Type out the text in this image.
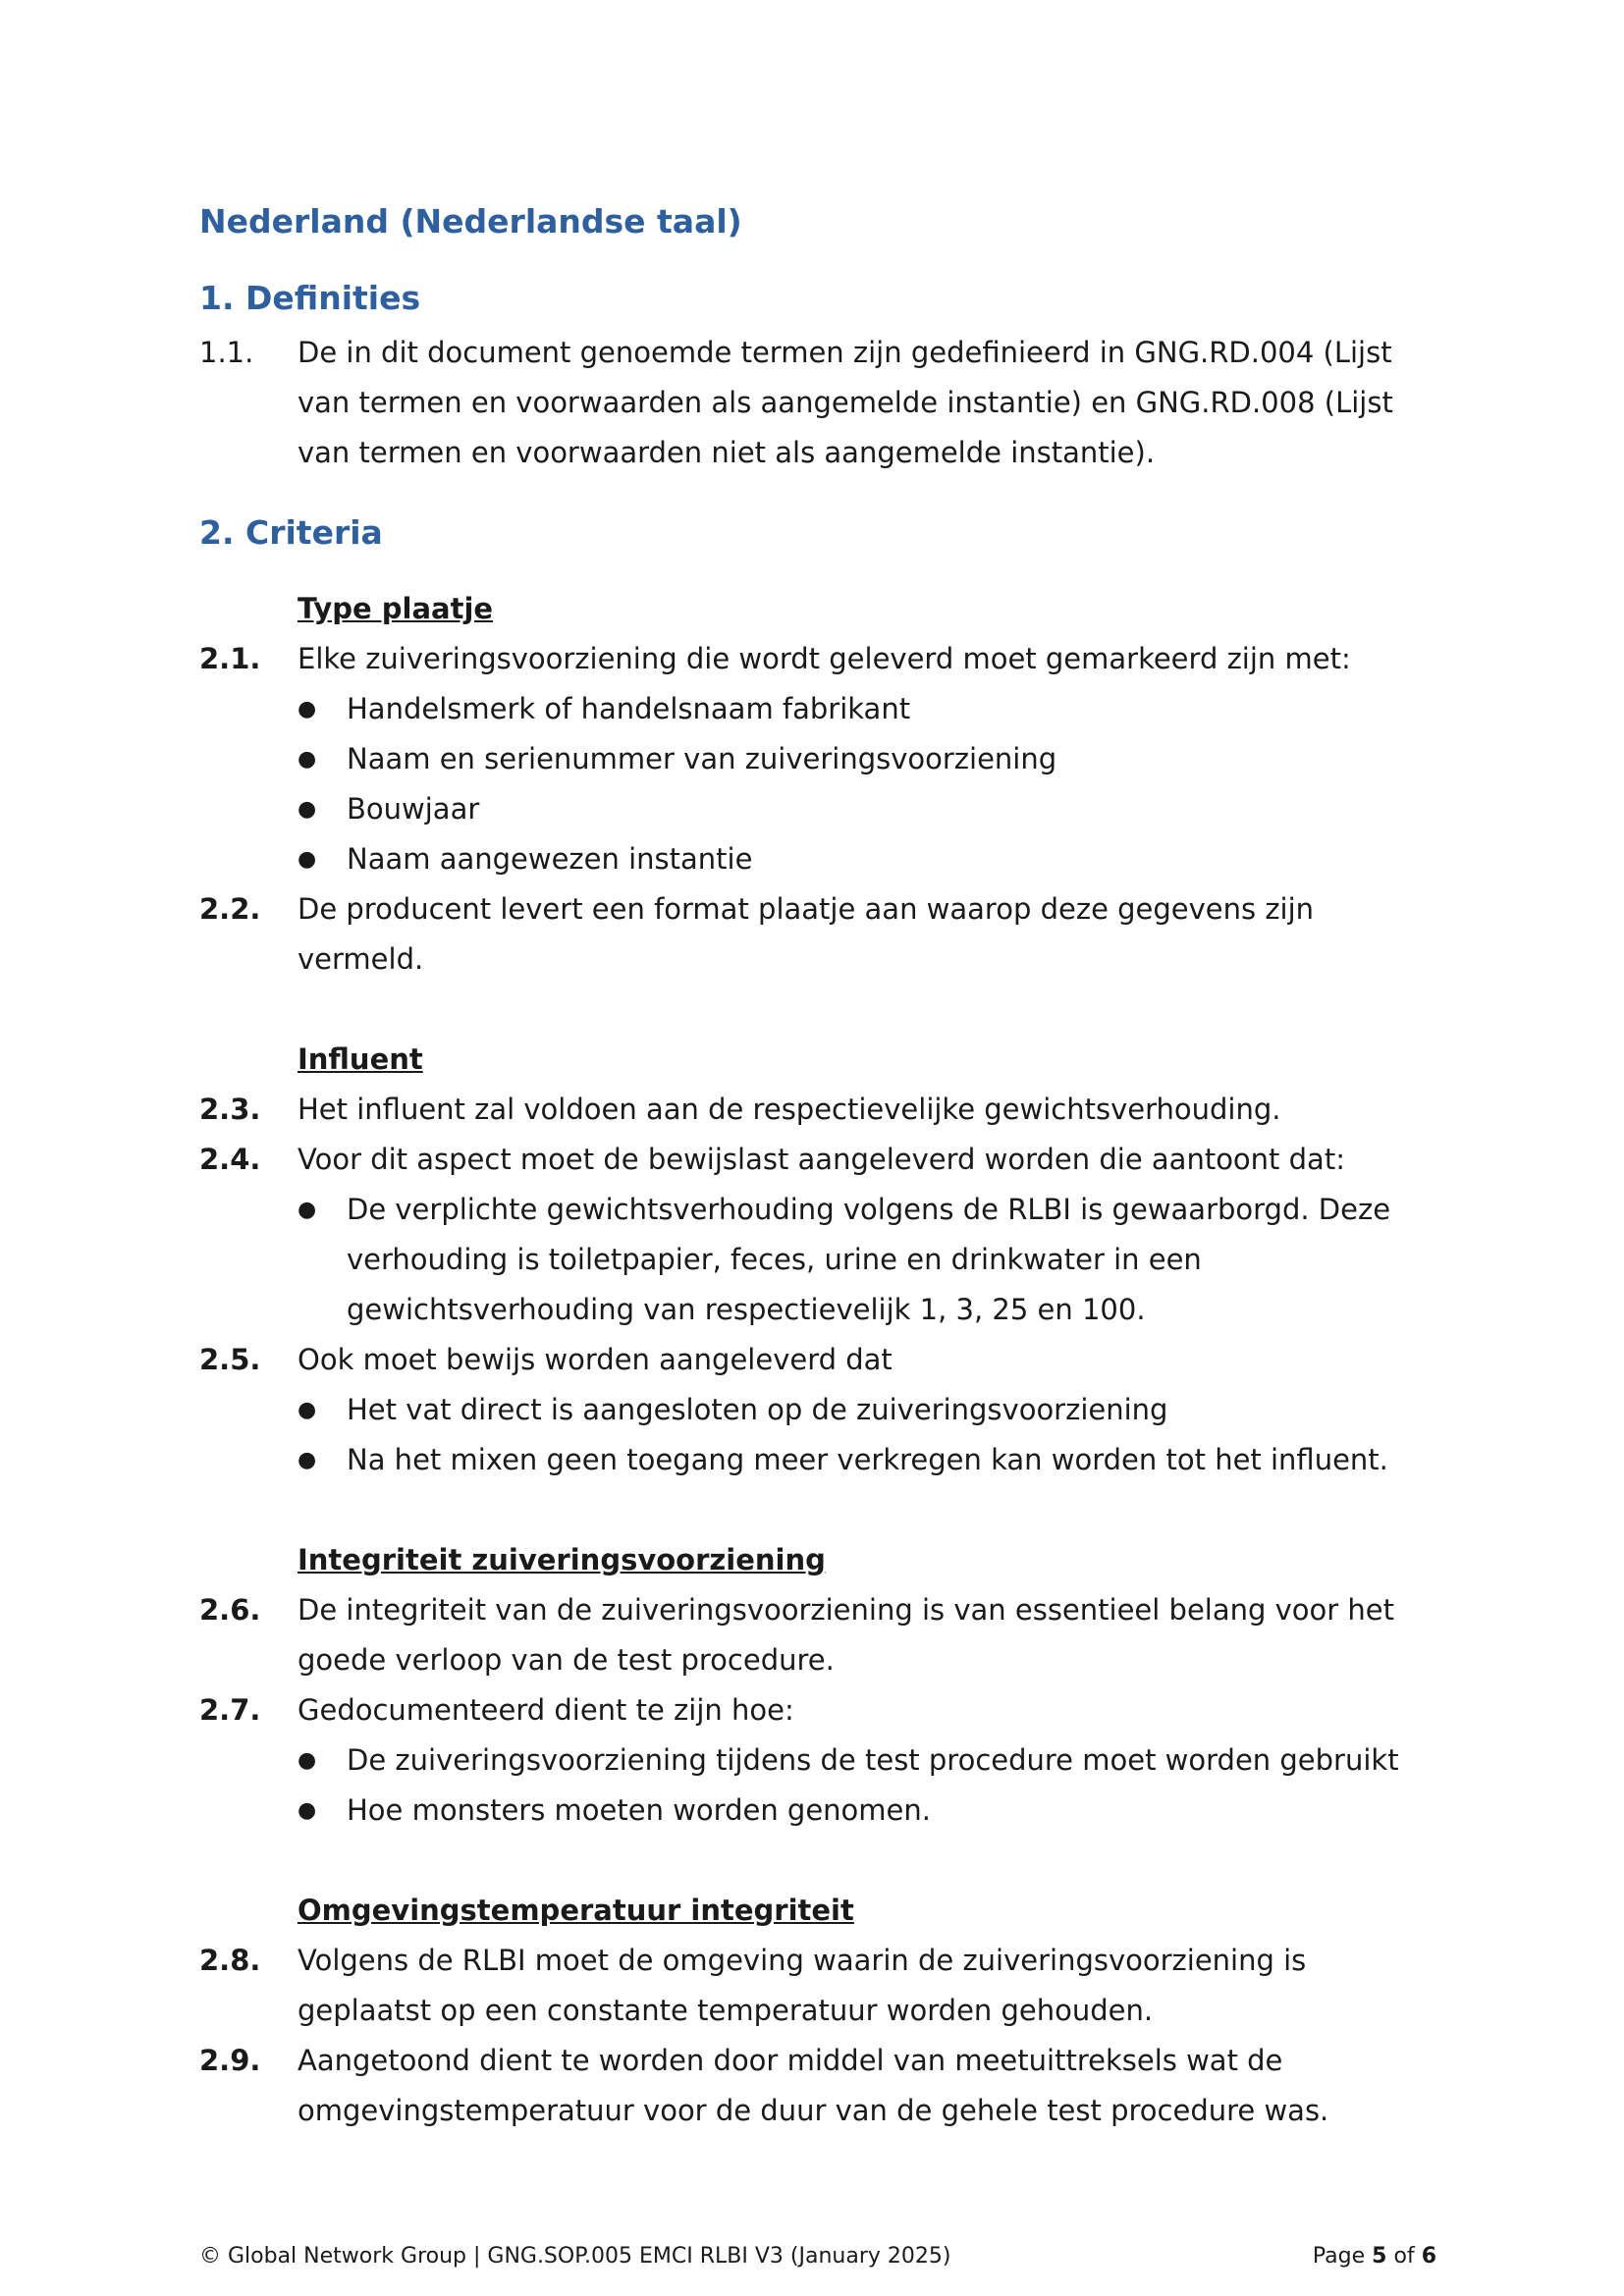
Nederland (Nederlandse taal)
1. Definities
1.1.	De in dit document genoemde termen zijn gedefinieerd in GNG.RD.004 (Lijst van termen en voorwaarden als aangemelde instantie) en GNG.RD.008 (Lijst van termen en voorwaarden niet als aangemelde instantie).
2. Criteria
Type plaatje
2.1.	Elke zuiveringsvoorziening die wordt geleverd moet gemarkeerd zijn met:
●	Handelsmerk of handelsnaam fabrikant
●	Naam en serienummer van zuiveringsvoorziening
●	Bouwjaar
●	Naam aangewezen instantie
2.2.	De producent levert een format plaatje aan waarop deze gegevens zijn vermeld.
Influent
2.3.	Het influent zal voldoen aan de respectievelijke gewichtsverhouding.
2.4.	Voor dit aspect moet de bewijslast aangeleverd worden die aantoont dat:
●	De verplichte gewichtsverhouding volgens de RLBI is gewaarborgd. Deze verhouding is toiletpapier, feces, urine en drinkwater in een gewichtsverhouding van respectievelijk 1, 3, 25 en 100.
2.5.	Ook moet bewijs worden aangeleverd dat
●	Het vat direct is aangesloten op de zuiveringsvoorziening
●	Na het mixen geen toegang meer verkregen kan worden tot het influent.
Integriteit zuiveringsvoorziening
2.6.	De integriteit van de zuiveringsvoorziening is van essentieel belang voor het goede verloop van de test procedure.
2.7.	Gedocumenteerd dient te zijn hoe:
●	De zuiveringsvoorziening tijdens de test procedure moet worden gebruikt
●	Hoe monsters moeten worden genomen.
Omgevingstemperatuur integriteit
2.8.	Volgens de RLBI moet de omgeving waarin de zuiveringsvoorziening is geplaatst op een constante temperatuur worden gehouden.
2.9.	Aangetoond dient te worden door middel van meetuittreksels wat de omgevingstemperatuur voor de duur van de gehele test procedure was.
© Global Network Group | GNG.SOP.005 EMCI RLBI V3 (January 2025)	Page 5 of 6
